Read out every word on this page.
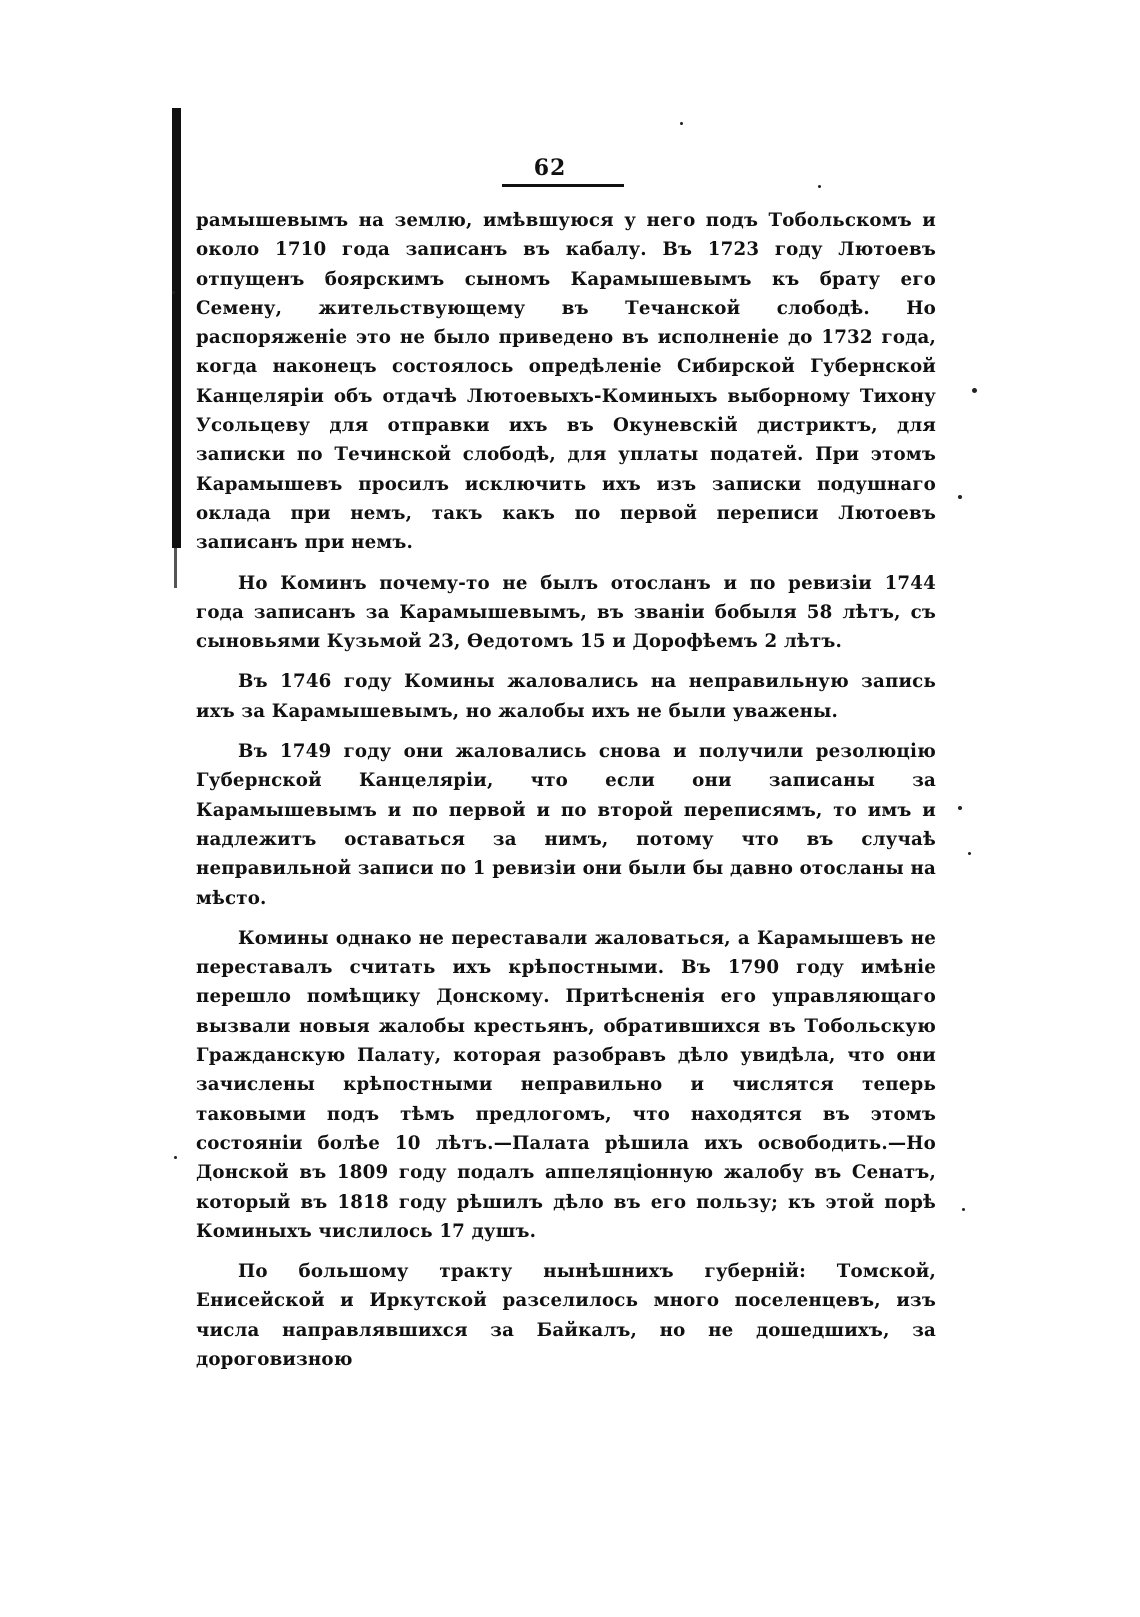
62

рамышевымъ на землю, имѣвшуюся у него подъ Тобольскомъ и около 1710 года записанъ въ кабалу. Въ 1723 году Лютоевъ отпущенъ боярскимъ сыномъ Карамышевымъ къ брату его Семену, жительствующему въ Течанской слободѣ. Но распоряженіе это не было приведено въ исполненіе до 1732 года, когда наконецъ состоялось опредѣленіе Сибирской Губернской Канцеляріи объ отдачѣ Лютоевыхъ-Коминыхъ выборному Тихону Усольцеву для отправки ихъ въ Окуневскій дистриктъ, для записки по Течинской слободѣ, для уплаты податей. При этомъ Карамышевъ просилъ исключить ихъ изъ записки подушнаго оклада при немъ, такъ какъ по первой переписи Лютоевъ записанъ при немъ.

Но Коминъ почему-то не былъ отосланъ и по ревизіи 1744 года записанъ за Карамышевымъ, въ званіи бобыля 58 лѣтъ, съ сыновьями Кузьмой 23, Ѳедотомъ 15 и Дорофѣемъ 2 лѣтъ.

Въ 1746 году Комины жаловались на неправильную запись ихъ за Карамышевымъ, но жалобы ихъ не были уважены.

Въ 1749 году они жаловались снова и получили резолюцію Губернской Канцеляріи, что если они записаны за Карамышевымъ и по первой и по второй переписямъ, то имъ и надлежитъ оставаться за нимъ, потому что въ случаѣ неправильной записи по 1 ревизіи они были бы давно отосланы на мѣсто.

Комины однако не переставали жаловаться, а Карамышевъ не переставалъ считать ихъ крѣпостными. Въ 1790 году имѣніе перешло помѣщику Донскому. Притѣсненія его управляющаго вызвали новыя жалобы крестьянъ, обратившихся въ Тобольскую Гражданскую Палату, которая разобравъ дѣло увидѣла, что они зачислены крѣпостными неправильно и числятся теперь таковыми подъ тѣмъ предлогомъ, что находятся въ этомъ состояніи болѣе 10 лѣтъ.—Палата рѣшила ихъ освободить.—Но Донской въ 1809 году подалъ аппеляціонную жалобу въ Сенатъ, который въ 1818 году рѣшилъ дѣло въ его пользу; къ этой порѣ Коминыхъ числилось 17 душъ.

По большому тракту нынѣшнихъ губерній: Томской, Енисейской и Иркутской разселилось много поселенцевъ, изъ числа направлявшихся за Байкалъ, но не дошедшихъ, за дороговизною
